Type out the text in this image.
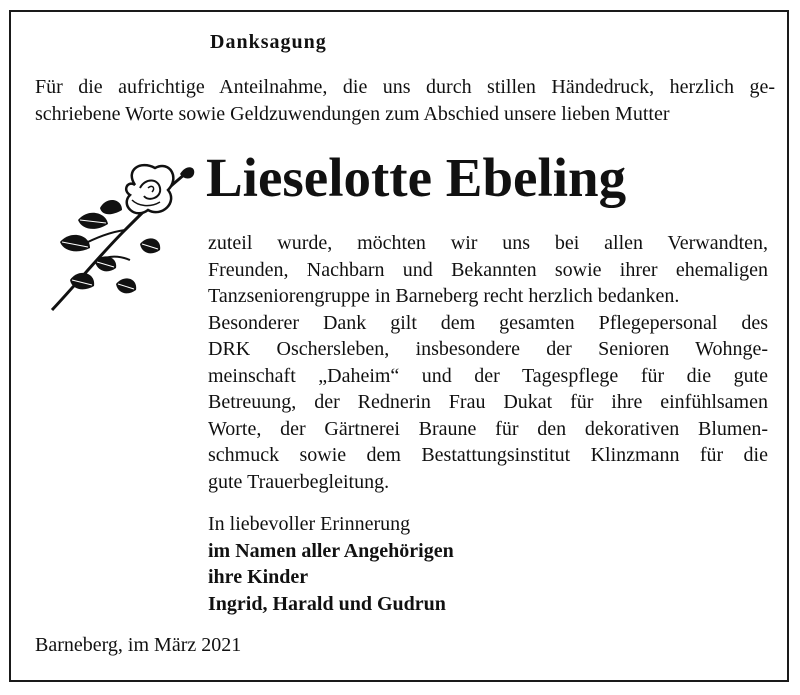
Danksagung
Für die aufrichtige Anteilnahme, die uns durch stillen Händedruck, herzlich ge-
schriebene Worte sowie Geldzuwendungen zum Abschied unsere lieben Mutter
Lieselotte Ebeling
zuteil wurde, möchten wir uns bei allen Verwandten,
Freunden, Nachbarn und Bekannten sowie ihrer ehemaligen
Tanzseniorengruppe in Barneberg recht herzlich bedanken.
Besonderer Dank gilt dem gesamten Pflegepersonal des
DRK Oschersleben, insbesondere der Senioren Wohnge-
meinschaft „Daheim“ und der Tagespflege für die gute
Betreuung, der Rednerin Frau Dukat für ihre einfühlsamen
Worte, der Gärtnerei Braune für den dekorativen Blumen-
schmuck sowie dem Bestattungsinstitut Klinzmann für die
gute Trauerbegleitung.
In liebevoller Erinnerung
im Namen aller Angehörigen
ihre Kinder
Ingrid, Harald und Gudrun
Barneberg, im März 2021
